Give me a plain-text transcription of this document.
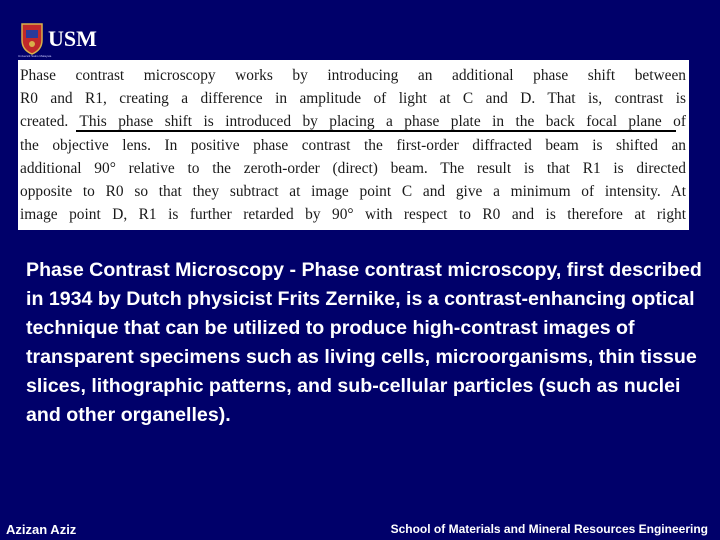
USM
Universiti Sains Malaysia
Phase contrast microscopy works by introducing an additional phase shift between
R0 and R1, creating a difference in amplitude of light at C and D. That is, contrast is
created. This phase shift is introduced by placing a phase plate in the back focal plane of
the objective lens. In positive phase contrast the first-order diffracted beam is shifted an
additional 90° relative to the zeroth-order (direct) beam. The result is that R1 is directed
opposite to R0 so that they subtract at image point C and give a minimum of intensity. At
image point D, R1 is further retarded by 90° with respect to R0 and is therefore at right
Phase Contrast Microscopy - Phase contrast microscopy, first described in 1934 by Dutch physicist Frits Zernike, is a contrast-enhancing optical technique that can be utilized to produce high-contrast images of transparent specimens such as living cells, microorganisms, thin tissue slices, lithographic patterns, and sub-cellular particles (such as nuclei and other organelles).
Azizan Aziz	School of Materials and Mineral Resources Engineering
